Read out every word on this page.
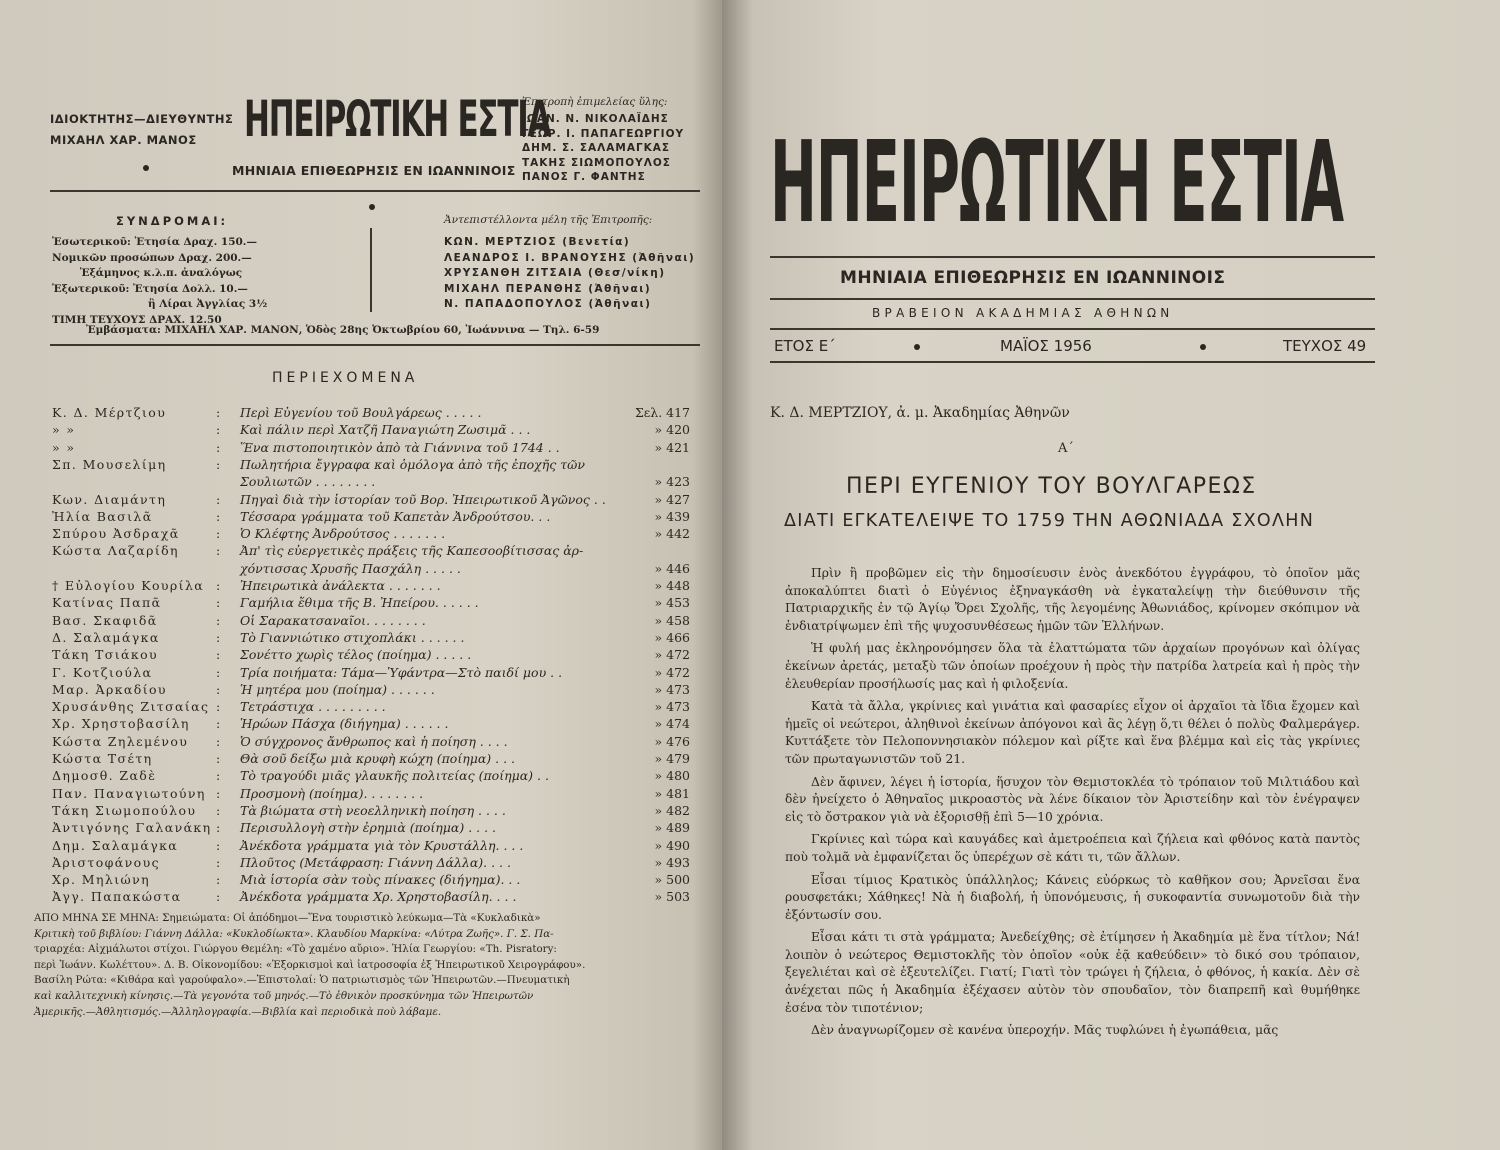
ΙΔΙΟΚΤΗΤΗΣ—ΔΙΕΥΘΥΝΤΗΣ
ΜΙΧΑΗΛ ΧΑΡ. ΜΑΝΟΣ ΗΠΕΙΡΩΤΙΚΗ ΕΣΤΙΑ
ΜΗΝΙΑΙΑ ΕΠΙΘΕΩΡΗΣΙΣ ΕΝ ΙΩΑΝΝΙΝΟΙΣ
Ἐπιτροπὴ ἐπιμελείας ὕλης:
ΙΩΑΝ. Ν. ΝΙΚΟΛΑΪΔΗΣ
ΓΕΩΡ. Ι. ΠΑΠΑΓΕΩΡΓΙΟΥ
ΔΗΜ. Σ. ΣΑΛΑΜΑΓΚΑΣ
ΤΑΚΗΣ ΣΙΩΜΟΠΟΥΛΟΣ
ΠΑΝΟΣ Γ. ΦΑΝΤΗΣ
ΣΥΝΔΡΟΜΑΙ:
Ἐσωτερικοῦ: Ἐτησία Δραχ. 150.—
Νομικῶν προσώπων Δραχ. 200.—
Ἑξάμηνος κ.λ.π. ἀναλόγως
Ἐξωτερικοῦ: Ἐτησία Δολλ. 10.—
ἢ Λίραι Ἀγγλίας 3½
ΤΙΜΗ ΤΕΥΧΟΥΣ ΔΡΑΧ. 12.50
Ἀντεπιστέλλοντα μέλη τῆς Ἐπιτροπῆς:
ΚΩΝ. ΜΕΡΤΖΙΟΣ (Βενετία)
ΛΕΑΝΔΡΟΣ Ι. ΒΡΑΝΟΥΣΗΣ (Ἀθῆναι)
ΧΡΥΣΑΝΘΗ ΖΙΤΣΑΙΑ (Θεσ/νίκη)
ΜΙΧΑΗΛ ΠΕΡΑΝΘΗΣ (Ἀθῆναι)
Ν. ΠΑΠΑΔΟΠΟΥΛΟΣ (Ἀθῆναι)
Ἐμβάσματα: ΜΙΧΑΗΛ ΧΑΡ. ΜΑΝΟΝ, Ὁδὸς 28ης Ὀκτωβρίου 60, Ἰωάννινα — Τηλ. 6-59
ΠΕΡΙΕΧΟΜΕΝΑ
Κ. Δ. Μέρτζιου	: Περὶ Εὐγενίου τοῦ Βουλγάρεως . . . . .	Σελ. 417
» »	: Καὶ πάλιν περὶ Χατζῆ Παναγιώτη Ζωσιμᾶ . . .	» 420
» »	: Ἕνα πιστοποιητικὸν ἀπὸ τὰ Γιάννινα τοῦ 1744 . .	» 421
Σπ. Μουσελίμη	: Πωλητήρια ἔγγραφα καὶ ὁμόλογα ἀπὸ τῆς ἐποχῆς τῶν
Σουλιωτῶν . . . . . . . .	» 423
Κων. Διαμάντη	: Πηγαὶ διὰ τὴν ἱστορίαν τοῦ Βορ. Ἠπειρωτικοῦ Ἀγῶνος . .	» 427
Ἠλία Βασιλᾶ	: Τέσσαρα γράμματα τοῦ Καπετὰν Ἀνδρούτσου. . .	» 439
Σπύρου Ἀσδραχᾶ	: Ὁ Κλέφτης Ἀνδρούτσος . . . . . . .	» 442
Κώστα Λαζαρίδη	: Ἀπ' τὶς εὐεργετικὲς πράξεις τῆς Καπεσοοβίτισσας ἀρ-
χόντισσας Χρυσῆς Πασχάλη . . . . .	» 446
† Εὐλογίου Κουρίλα : Ἠπειρωτικὰ ἀνάλεκτα . . . . . . .	» 448
Κατίνας Παπᾶ	: Γαμήλια ἔθιμα τῆς Β. Ἠπείρου. . . . . .	» 453
Βασ. Σκαφιδᾶ	: Οἱ Σαρακατσαναῖοι. . . . . . . .	» 458
Δ. Σαλαμάγκα	: Τὸ Γιαννιώτικο στιχοπλάκι . . . . . .	» 466
Τάκη Τσιάκου	: Σονέττο χωρὶς τέλος (ποίημα) . . . . .	» 472
Γ. Κοτζιούλα	: Τρία ποιήματα: Τάμα—Ὑφάντρα—Στὸ παιδί μου . .	» 472
Μαρ. Ἀρκαδίου	: Ἡ μητέρα μου (ποίημα) . . . . . .	» 473
Χρυσάνθης Ζιτσαίας : Τετράστιχα . . . . . . . . .	» 473
Χρ. Χρηστοβασίλη : Ἡρώων Πάσχα (διήγημα) . . . . . .	» 474
Κώστα Ζηλεμένου : Ὁ σύγχρονος ἄνθρωπος καὶ ἡ ποίηση . . . .	» 476
Κώστα Τσέτη	: Θὰ σοῦ δείξω μιὰ κρυφὴ κώχη (ποίημα) . . .	» 479
Δημοσθ. Ζαδὲ	: Τὸ τραγούδι μιᾶς γλαυκῆς πολιτείας (ποίημα) . .	» 480
Παν. Παναγιωτούνη : Προσμονὴ (ποίημα). . . . . . . .	» 481
Τάκη Σιωμοπούλου : Τὰ βιώματα στὴ νεοελληνικὴ ποίηση . . . .	» 482
Ἀντιγόνης Γαλανάκη : Περισυλλογὴ στὴν ἐρημιὰ (ποίημα) . . . .	» 489
Δημ. Σαλαμάγκα	: Ἀνέκδοτα γράμματα γιὰ τὸν Κρυστάλλη. . . .	» 490
Ἀριστοφάνους	: Πλοῦτος (Μετάφραση: Γιάννη Δάλλα). . . .	» 493
Χρ. Μηλιώνη	: Μιὰ ἱστορία σὰν τοὺς πίνακες (διήγημα). . .	» 500
Ἀγγ. Παπακώστα	: Ἀνέκδοτα γράμματα Χρ. Χρηστοβασίλη. . . .	» 503
ΑΠΟ ΜΗΝΑ ΣΕ ΜΗΝΑ: Σημειώματα: Οἱ ἀπόδημοι—Ἕνα τουριστικὸ λεύκωμα—Τὰ «Κυκλαδικὰ»
Κριτικὴ τοῦ βιβλίου: Γιάννη Δάλλα: «Κυκλοδίωκτα». Κλαυδίου Μαρκίνα: «Λύτρα Ζωῆς». Γ. Σ. Πα-
τριαρχέα: Αἰχμάλωτοι στίχοι. Γιώργου Θεμέλη: «Τὸ χαμένο αὔριο». Ἠλία Γεωργίου: «Th. Pisratory:
περὶ Ἰωάνν. Κωλέττου». Δ. Β. Οἰκονομίδου: «Ἐξορκισμοὶ καὶ ἰατροσοφία ἐξ Ἠπειρωτικοῦ Χειρογράφου».
Βασίλη Ρώτα: «Κιθάρα καὶ γαρούφαλο».—Ἐπιστολαί: Ὁ πατριωτισμὸς τῶν Ἠπειρωτῶν.—Πνευματικὴ
καὶ καλλιτεχνικὴ κίνησις.—Τὰ γεγονότα τοῦ μηνός.—Τὸ ἐθνικὸν προσκύνημα τῶν Ἠπειρωτῶν
Ἀμερικῆς.—Ἀθλητισμός.—Ἀλληλογραφία.—Βιβλία καὶ περιοδικὰ ποὺ λάβαμε.
ΗΠΕΙΡΩΤΙΚΗ ΕΣΤΙΑ
ΜΗΝΙΑΙΑ ΕΠΙΘΕΩΡΗΣΙΣ ΕΝ ΙΩΑΝΝΙΝΟΙΣ
ΒΡΑΒΕΙΟΝ ΑΚΑΔΗΜΙΑΣ ΑΘΗΝΩΝ
ΕΤΟΣ Ε΄	ΜΑΪΟΣ 1956	ΤΕΥΧΟΣ 49
Κ. Δ. ΜΕΡΤΖΙΟΥ, ἀ. μ. Ἀκαδημίας Ἀθηνῶν
Α΄
ΠΕΡΙ ΕΥΓΕΝΙΟΥ ΤΟΥ ΒΟΥΛΓΑΡΕΩΣ
ΔΙΑΤΙ ΕΓΚΑΤΕΛΕΙΨΕ ΤΟ 1759 ΤΗΝ ΑΘΩΝΙΑΔΑ ΣΧΟΛΗΝ

Πρὶν ἢ προβῶμεν εἰς τὴν δημοσίευσιν ἑνὸς ἀνεκδότου ἐγγράφου, τὸ ὁποῖον μᾶς ἀποκαλύπτει διατὶ ὁ Εὐγένιος ἐξηναγκάσθη νὰ ἐγκαταλείψῃ τὴν διεύθυνσιν τῆς Πατριαρχικῆς ἐν τῷ Ἁγίῳ Ὄρει Σχολῆς, τῆς λεγομένης Ἀθωνιάδος, κρίνομεν σκόπιμον νὰ ἐνδιατρίψωμεν ἐπὶ τῆς ψυχοσυνθέσεως ἡμῶν τῶν Ἑλλήνων.

Ἡ φυλή μας ἐκληρονόμησεν ὅλα τὰ ἐλαττώματα τῶν ἀρχαίων προγόνων καὶ ὀλίγας ἐκείνων ἀρετάς, μεταξὺ τῶν ὁποίων προέχουν ἡ πρὸς τὴν πατρίδα λατρεία καὶ ἡ πρὸς τὴν ἐλευθερίαν προσήλωσίς μας καὶ ἡ φιλοξενία.

Κατὰ τὰ ἄλλα, γκρίνιες καὶ γινάτια καὶ φασαρίες εἶχον οἱ ἀρχαῖοι τὰ ἴδια ἔχομεν καὶ ἡμεῖς οἱ νεώτεροι, ἀληθινοὶ ἐκείνων ἀπόγονοι καὶ ἂς λέγῃ ὅ,τι θέλει ὁ πολὺς Φαλμεράγερ. Κυττάξετε τὸν Πελοποννησιακὸν πόλεμον καὶ ρίξτε καὶ ἕνα βλέμμα καὶ εἰς τὰς γκρίνιες τῶν πρωταγωνιστῶν τοῦ 21.

Δὲν ἄφινεν, λέγει ἡ ἱστορία, ἥσυχον τὸν Θεμιστοκλέα τὸ τρόπαιον τοῦ Μιλτιάδου καὶ δὲν ἠνείχετο ὁ Ἀθηναῖος μικροαστὸς νὰ λένε δίκαιον τὸν Ἀριστείδην καὶ τὸν ἐνέγραψεν εἰς τὸ ὄστρακον γιὰ νὰ ἐξορισθῇ ἐπὶ 5—10 χρόνια.

Γκρίνιες καὶ τώρα καὶ καυγάδες καὶ ἀμετροέπεια καὶ ζήλεια καὶ φθόνος κατὰ παντὸς ποὺ τολμᾶ νὰ ἐμφανίζεται ὅς ὑπερέχων σὲ κάτι τι, τῶν ἄλλων.

Εἶσαι τίμιος Κρατικὸς ὑπάλληλος; Κάνεις εὐόρκως τὸ καθῆκον σου; Ἀρνεῖσαι ἕνα ρουσφετάκι; Χάθηκες! Νὰ ἡ διαβολή, ἡ ὑπονόμευσις, ἡ συκοφαντία συνωμοτοῦν διὰ τὴν ἐξόντωσίν σου.

Εἶσαι κάτι τι στὰ γράμματα; Ἀνεδείχθης; σὲ ἐτίμησεν ἡ Ἀκαδημία μὲ ἕνα τίτλον; Νά! λοιπὸν ὁ νεώτερος Θεμιστοκλῆς τὸν ὁποῖον «οὐκ ἐᾷ καθεύδειν» τὸ δικό σου τρόπαιον, ξεγελιέται καὶ σὲ ἐξευτελίζει. Γιατί; Γιατὶ τὸν τρώγει ἡ ζήλεια, ὁ φθόνος, ἡ κακία. Δὲν σὲ ἀνέχεται πῶς ἡ Ἀκαδημία ἐξέχασεν αὐτὸν τὸν σπουδαῖον, τὸν διαπρεπῆ καὶ θυμήθηκε ἐσένα τὸν τιποτένιον;

Δὲν ἀναγνωρίζομεν σὲ κανένα ὑπεροχήν. Μᾶς τυφλώνει ἡ ἐγωπάθεια, μᾶς
